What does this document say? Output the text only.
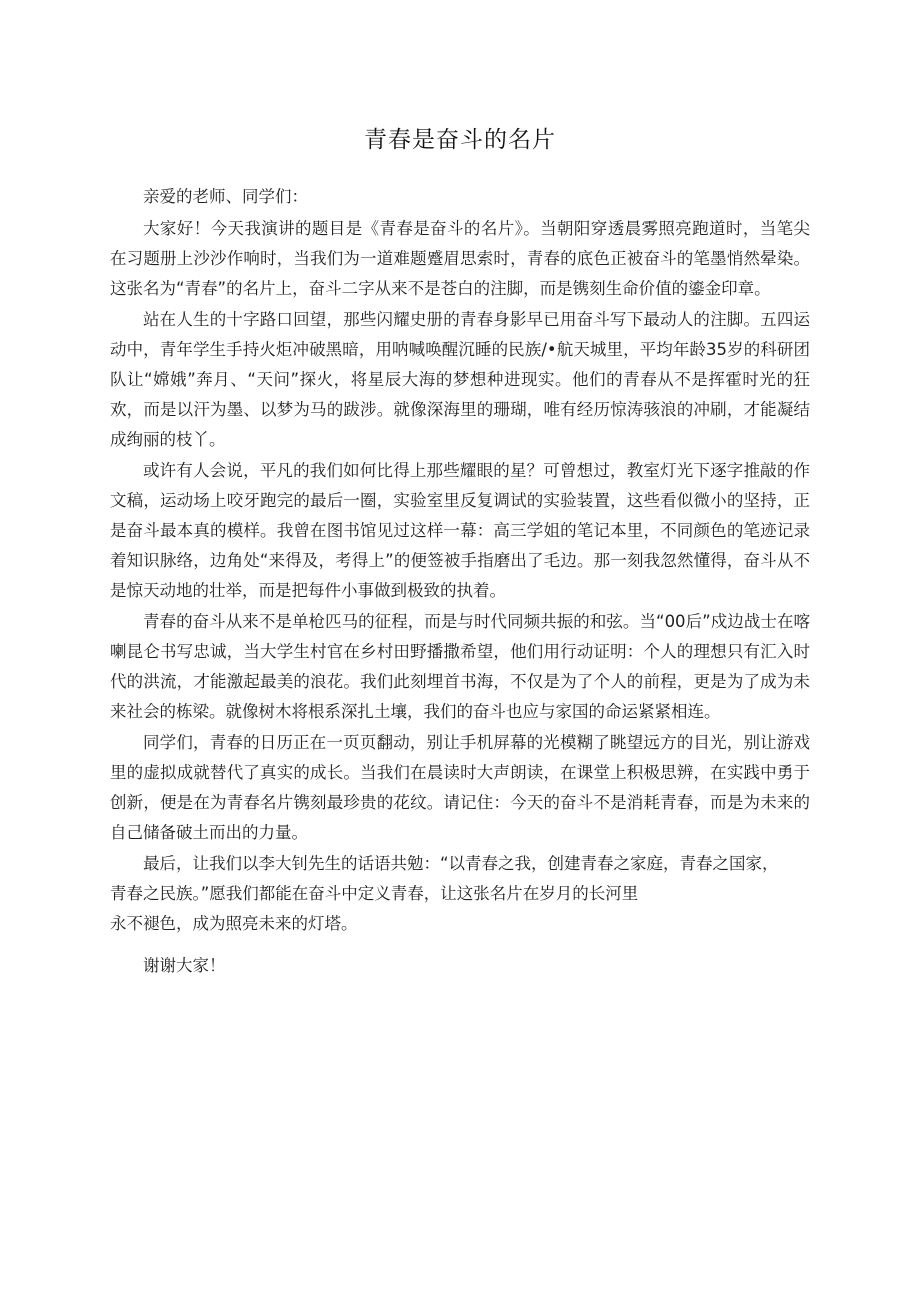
青春是奋斗的名片

亲爱的老师、同学们：

大家好！今天我演讲的题目是《青春是奋斗的名片》。当朝阳穿透晨雾照亮跑道时，当笔尖在习题册上沙沙作响时，当我们为一道难题蹙眉思索时，青春的底色正被奋斗的笔墨悄然晕染。这张名为“青春”的名片上，奋斗二字从来不是苍白的注脚，而是镌刻生命价值的鎏金印章。

站在人生的十字路口回望，那些闪耀史册的青春身影早已用奋斗写下最动人的注脚。五四运动中，青年学生手持火炬冲破黑暗，用呐喊唤醒沉睡的民族/•航天城里，平均年龄35岁的科研团队让“嫦娥”奔月、“天问”探火，将星辰大海的梦想种进现实。他们的青春从不是挥霍时光的狂欢，而是以汗为墨、以梦为马的跋涉。就像深海里的珊瑚，唯有经历惊涛骇浪的冲刷，才能凝结成绚丽的枝丫。

或许有人会说，平凡的我们如何比得上那些耀眼的星？可曾想过，教室灯光下逐字推敲的作文稿，运动场上咬牙跑完的最后一圈，实验室里反复调试的实验装置，这些看似微小的坚持，正是奋斗最本真的模样。我曾在图书馆见过这样一幕：高三学姐的笔记本里，不同颜色的笔迹记录着知识脉络，边角处“来得及，考得上”的便签被手指磨出了毛边。那一刻我忽然懂得，奋斗从不是惊天动地的壮举，而是把每件小事做到极致的执着。

青春的奋斗从来不是单枪匹马的征程，而是与时代同频共振的和弦。当“00后”戍边战士在喀喇昆仑书写忠诚，当大学生村官在乡村田野播撒希望，他们用行动证明：个人的理想只有汇入时代的洪流，才能激起最美的浪花。我们此刻埋首书海，不仅是为了个人的前程，更是为了成为未来社会的栋梁。就像树木将根系深扎土壤，我们的奋斗也应与家国的命运紧紧相连。

同学们，青春的日历正在一页页翻动，别让手机屏幕的光模糊了眺望远方的目光，别让游戏里的虚拟成就替代了真实的成长。当我们在晨读时大声朗读，在课堂上积极思辨，在实践中勇于创新，便是在为青春名片镌刻最珍贵的花纹。请记住：今天的奋斗不是消耗青春，而是为未来的自己储备破土而出的力量。

最后，让我们以李大钊先生的话语共勉：“以青春之我，创建青春之家庭，青春之国家，
青春之民族。”愿我们都能在奋斗中定义青春，让这张名片在岁月的长河里
永不褪色，成为照亮未来的灯塔。

谢谢大家！
